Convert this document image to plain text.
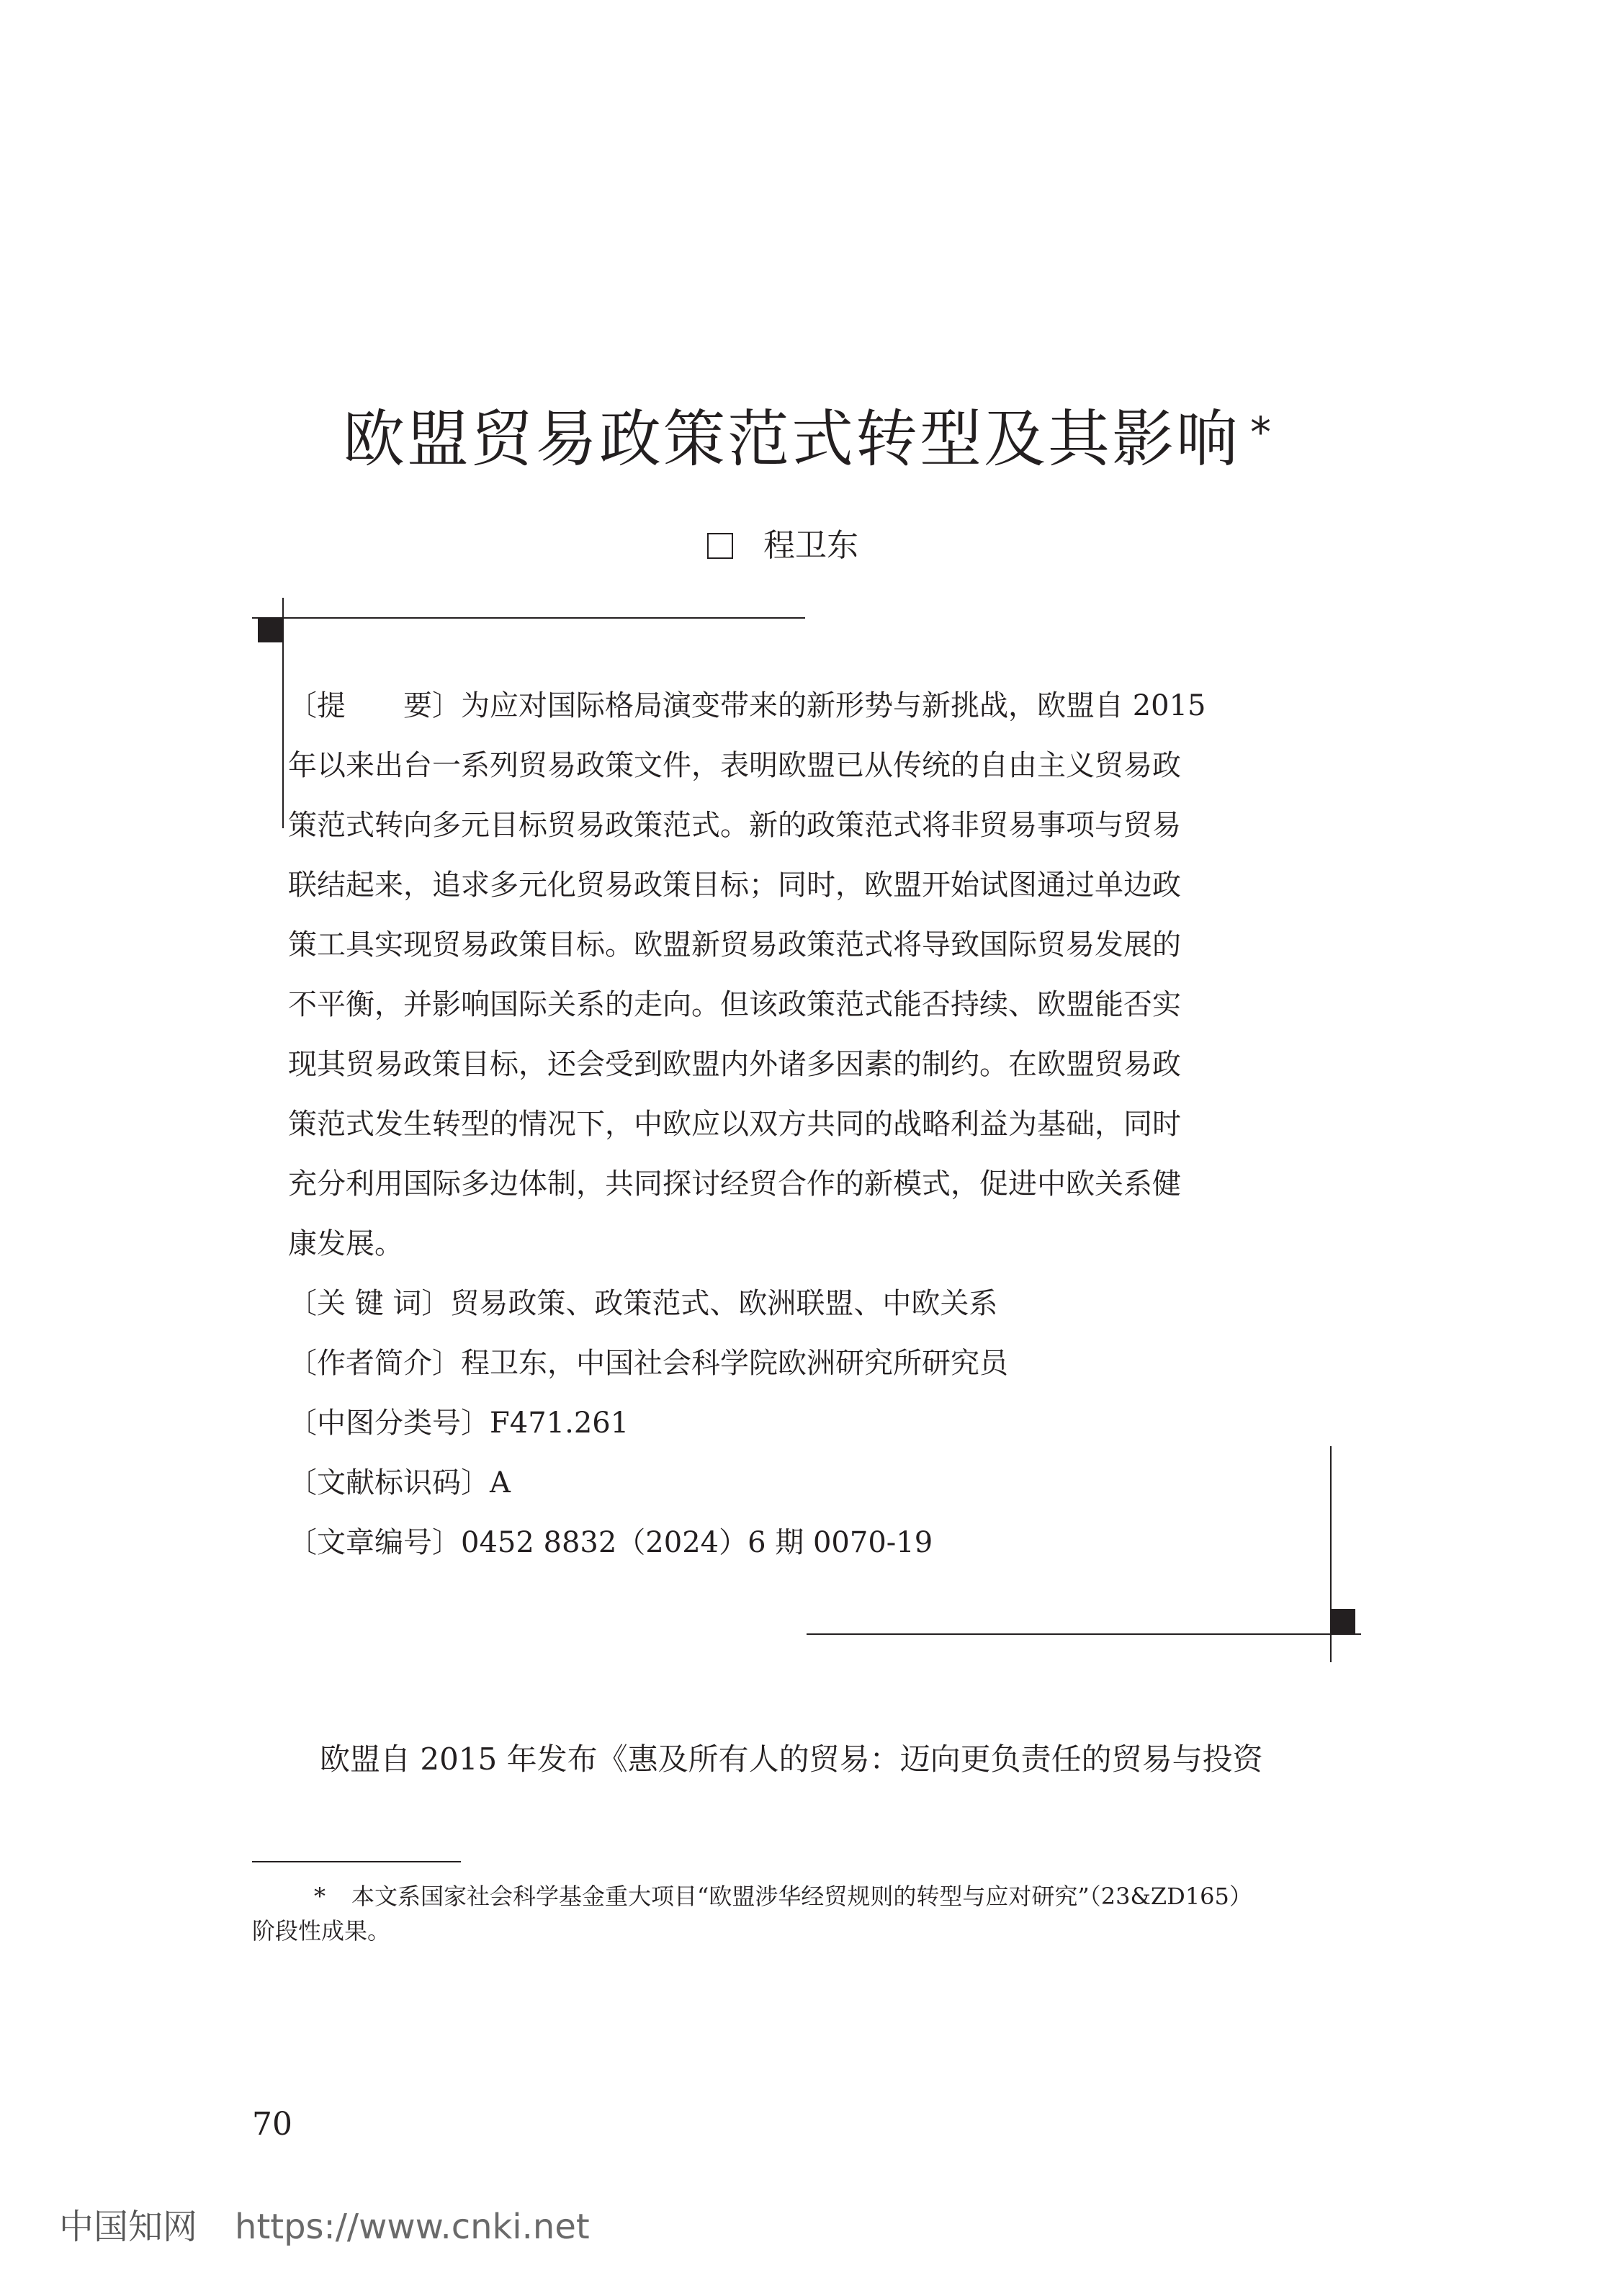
欧盟贸易政策范式转型及其影响 *
程卫东
〔提　　要〕为应对国际格局演变带来的新形势与新挑战，欧盟自 2015
年以来出台一系列贸易政策文件，表明欧盟已从传统的自由主义贸易政
策范式转向多元目标贸易政策范式。新的政策范式将非贸易事项与贸易
联结起来，追求多元化贸易政策目标；同时，欧盟开始试图通过单边政
策工具实现贸易政策目标。欧盟新贸易政策范式将导致国际贸易发展的
不平衡，并影响国际关系的走向。但该政策范式能否持续、欧盟能否实
现其贸易政策目标，还会受到欧盟内外诸多因素的制约。在欧盟贸易政
策范式发生转型的情况下，中欧应以双方共同的战略利益为基础，同时
充分利用国际多边体制，共同探讨经贸合作的新模式，促进中欧关系健
康发展。
〔关 键 词〕贸易政策、政策范式、欧洲联盟、中欧关系
〔作者简介〕程卫东，中国社会科学院欧洲研究所研究员
〔中图分类号〕F471.261
〔文献标识码〕A
〔文章编号〕0452 8832（2024）6 期 0070-19
欧盟自 2015 年发布《惠及所有人的贸易：迈向更负责任的贸易与投资
* 本文系国家社会科学基金重大项目“欧盟涉华经贸规则的转型与应对研究”（23&ZD165）
阶段性成果。
70
中国知网 https://www.cnki.net
